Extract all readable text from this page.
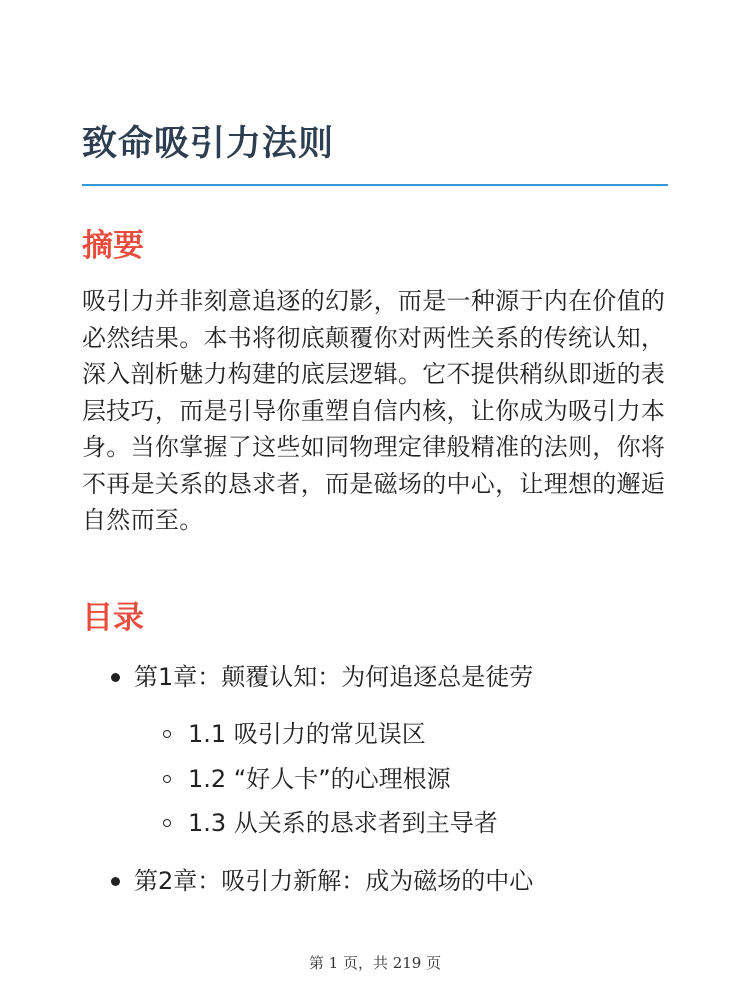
致命吸引力法则
摘要

吸引力并非刻意追逐的幻影，而是一种源于内在价值的必然结果。本书将彻底颠覆你对两性关系的传统认知，深入剖析魅力构建的底层逻辑。它不提供稍纵即逝的表层技巧，而是引导你重塑自信内核，让你成为吸引力本身。当你掌握了这些如同物理定律般精准的法则，你将不再是关系的恳求者，而是磁场的中心，让理想的邂逅自然而至。

目录
第1章：颠覆认知：为何追逐总是徒劳
1.1 吸引力的常见误区
1.2 “好人卡”的心理根源
1.3 从关系的恳求者到主导者
第2章：吸引力新解：成为磁场的中心
第 1 页，共 219 页
